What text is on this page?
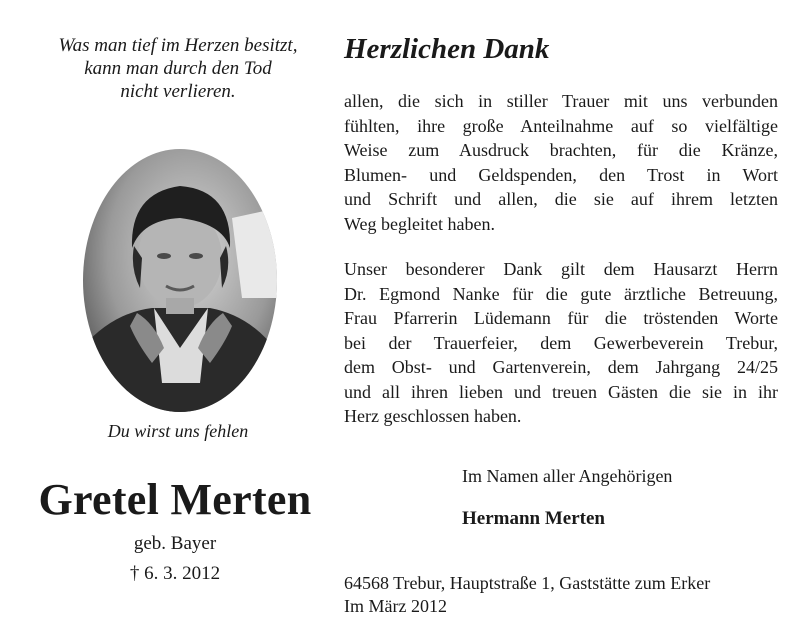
Was man tief im Herzen besitzt,
kann man durch den Tod
nicht verlieren.
Du wirst uns fehlen
Gretel Merten
geb. Bayer
† 6. 3. 2012
Herzlichen Dank
allen, die sich in stiller Trauer mit uns verbunden
fühlten, ihre große Anteilnahme auf so vielfältige
Weise zum Ausdruck brachten, für die Kränze,
Blumen- und Geldspenden, den Trost in Wort
und Schrift und allen, die sie auf ihrem letzten
Weg begleitet haben.
Unser besonderer Dank gilt dem Hausarzt Herrn
Dr. Egmond Nanke für die gute ärztliche Betreuung,
Frau Pfarrerin Lüdemann für die tröstenden Worte
bei der Trauerfeier, dem Gewerbeverein Trebur,
dem Obst- und Gartenverein, dem Jahrgang 24/25
und all ihren lieben und treuen Gästen die sie in ihr
Herz geschlossen haben.
Im Namen aller Angehörigen
Hermann Merten
64568 Trebur, Hauptstraße 1, Gaststätte zum Erker
Im März 2012
